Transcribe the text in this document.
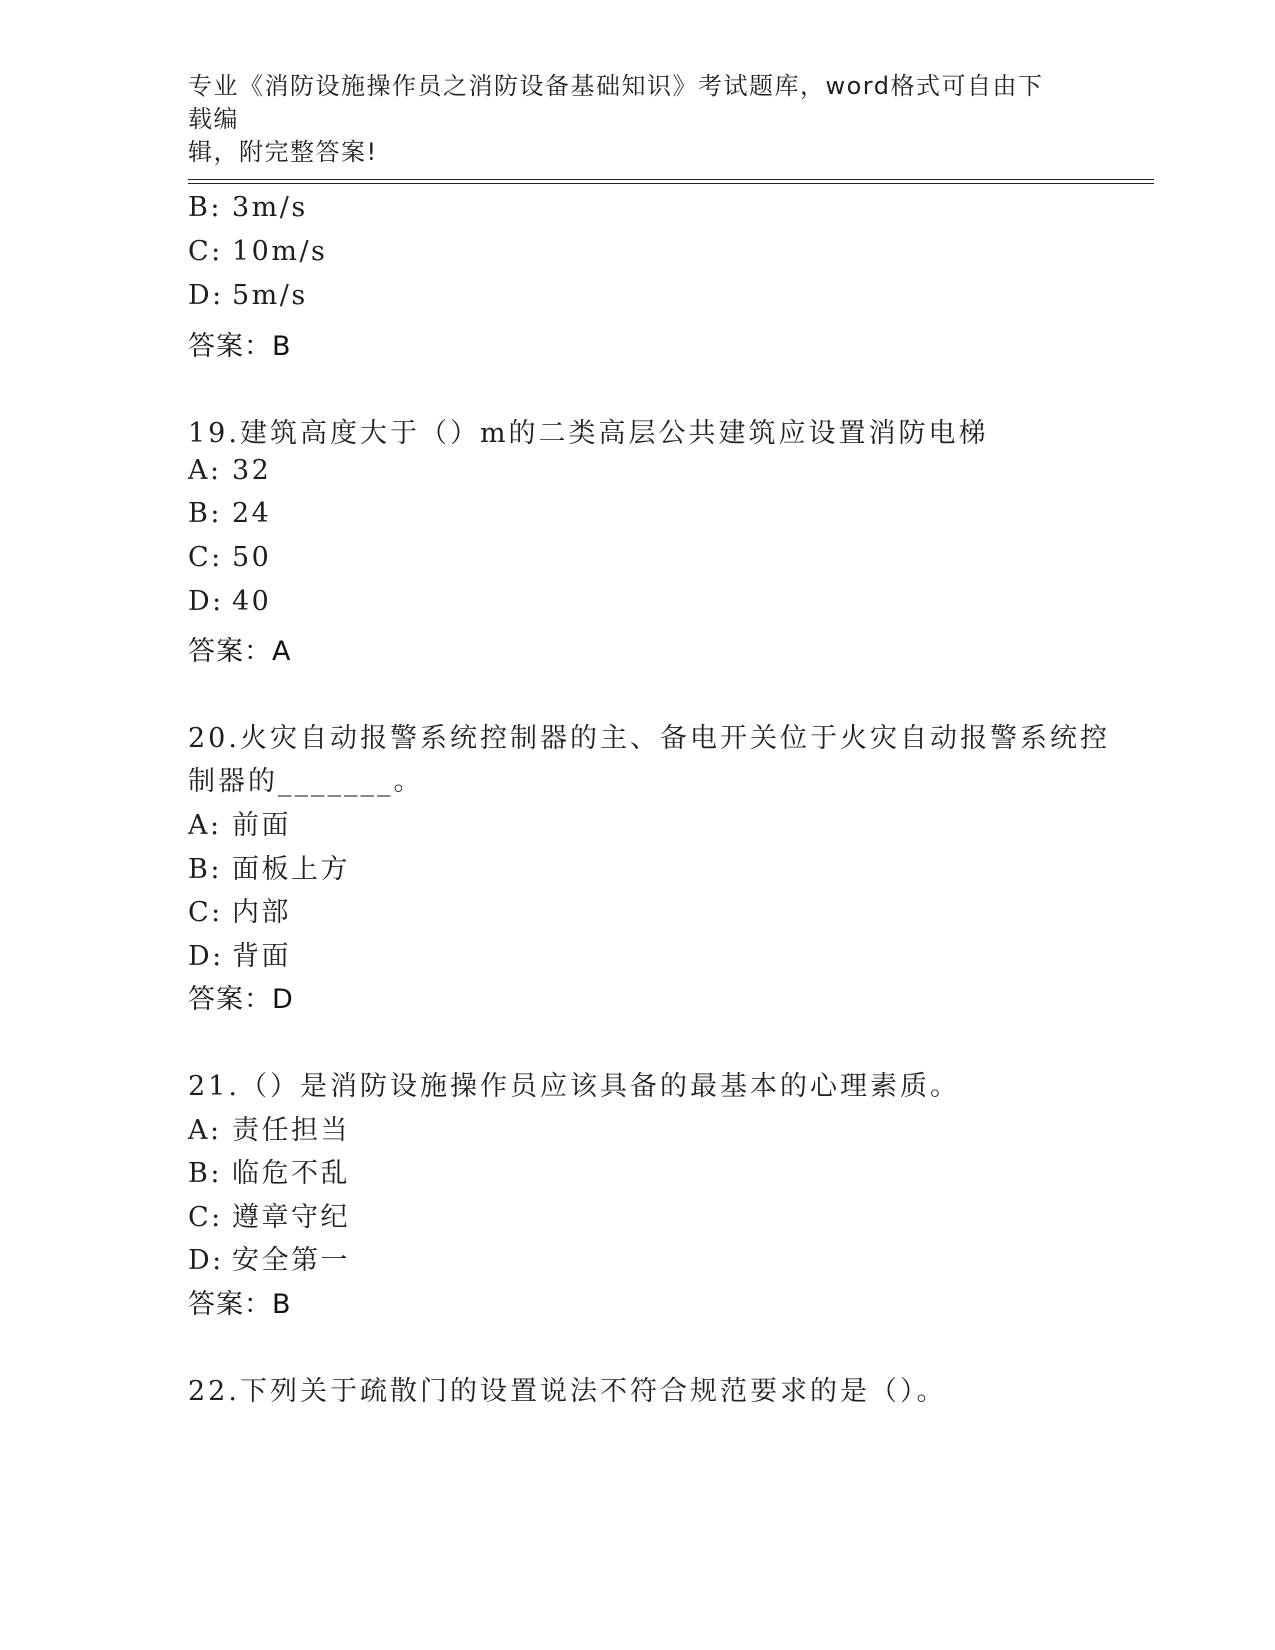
专业《消防设施操作员之消防设备基础知识》考试题库，word格式可自由下载编
辑，附完整答案!
B: 3m/s
C: 10m/s
D: 5m/s
答案：B
19.建筑高度大于（）m的二类高层公共建筑应设置消防电梯
A: 32
B: 24
C: 50
D: 40
答案：A
20.火灾自动报警系统控制器的主、备电开关位于火灾自动报警系统控
制器的_______。
A: 前面
B: 面板上方
C: 内部
D: 背面
答案：D
21.（）是消防设施操作员应该具备的最基本的心理素质。
A: 责任担当
B: 临危不乱
C: 遵章守纪
D: 安全第一
答案：B
22.下列关于疏散门的设置说法不符合规范要求的是（）。
